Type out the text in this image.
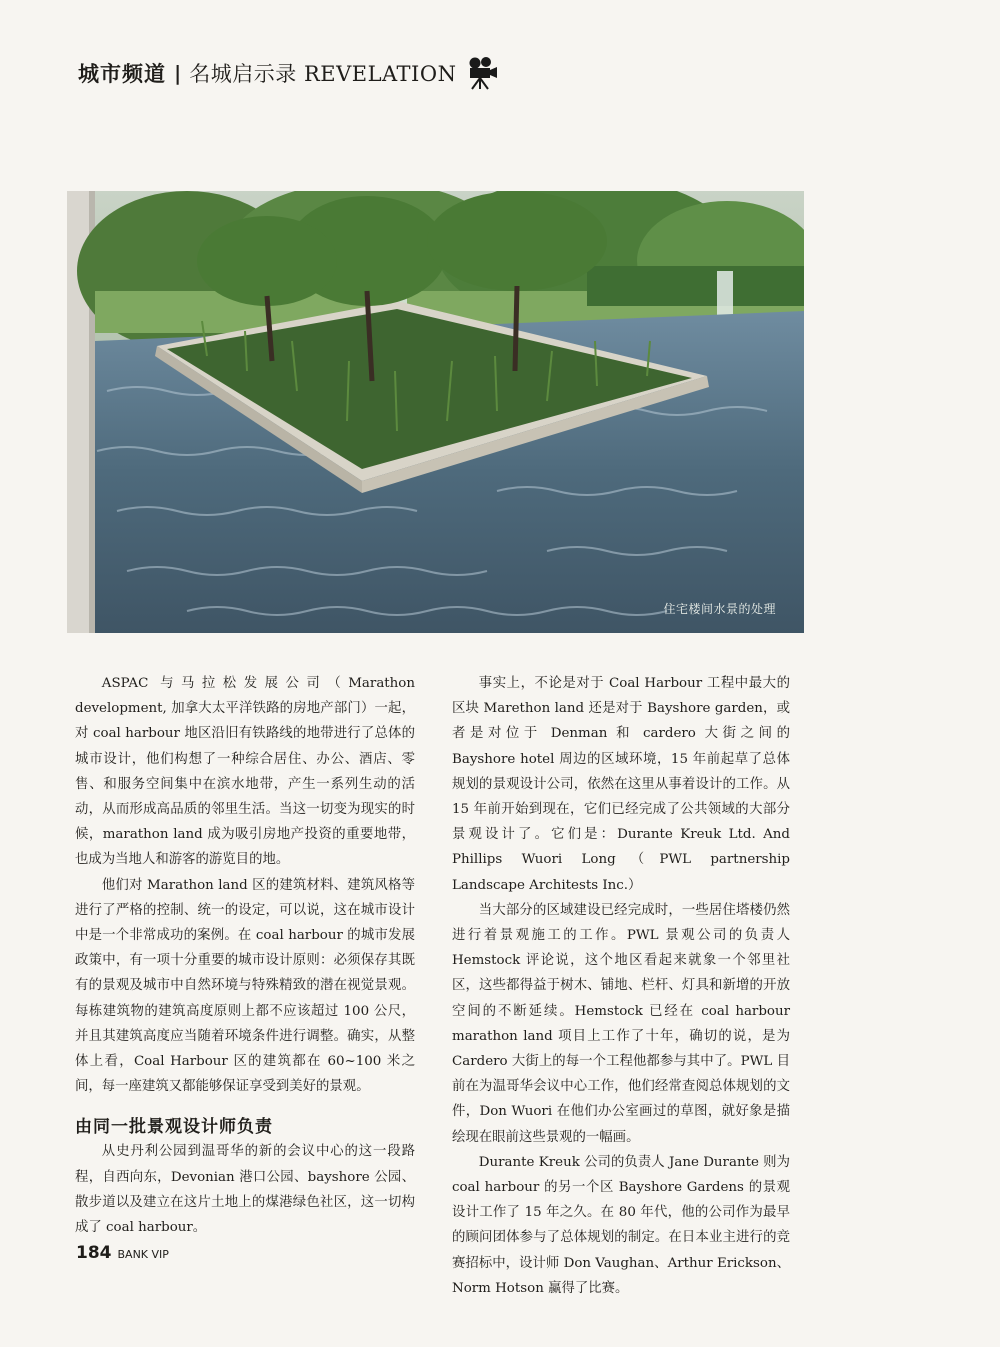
城市频道 | 名城启示录 REVELATION
住宅楼间水景的处理

ASPAC 与马拉松发展公司（Marathon development, 加拿大太平洋铁路的房地产部门）一起，对 coal harbour 地区沿旧有铁路线的地带进行了总体的城市设计，他们构想了一种综合居住、办公、酒店、零售、和服务空间集中在滨水地带，产生一系列生动的活动，从而形成高品质的邻里生活。当这一切变为现实的时候，marathon land 成为吸引房地产投资的重要地带，也成为当地人和游客的游览目的地。

他们对 Marathon land 区的建筑材料、建筑风格等进行了严格的控制、统一的设定，可以说，这在城市设计中是一个非常成功的案例。在 coal harbour 的城市发展政策中，有一项十分重要的城市设计原则：必须保存其既有的景观及城市中自然环境与特殊精致的潜在视觉景观。每栋建筑物的建筑高度原则上都不应该超过 100 公尺，并且其建筑高度应当随着环境条件进行调整。确实，从整体上看，Coal Harbour 区的建筑都在 60~100 米之间，每一座建筑又都能够保证享受到美好的景观。

由同一批景观设计师负责

从史丹利公园到温哥华的新的会议中心的这一段路程，自西向东，Devonian 港口公园、bayshore 公园、散步道以及建立在这片土地上的煤港绿色社区，这一切构成了 coal harbour。

事实上，不论是对于 Coal Harbour 工程中最大的区块 Marethon land 还是对于 Bayshore garden，或者是对位于 Denman 和 cardero 大街之间的 Bayshore hotel 周边的区域环境，15 年前起草了总体规划的景观设计公司，依然在这里从事着设计的工作。从 15 年前开始到现在，它们已经完成了公共领域的大部分景观设计了。它们是：Durante Kreuk Ltd. And Phillips Wuori Long（PWL partnership Landscape Architests Inc.）

当大部分的区域建设已经完成时，一些居住塔楼仍然进行着景观施工的工作。PWL 景观公司的负责人 Hemstock 评论说，这个地区看起来就象一个邻里社区，这些都得益于树木、铺地、栏杆、灯具和新增的开放空间的不断延续。Hemstock 已经在 coal harbour marathon land 项目上工作了十年，确切的说，是为 Cardero 大街上的每一个工程他都参与其中了。PWL 目前在为温哥华会议中心工作，他们经常查阅总体规划的文件，Don Wuori 在他们办公室画过的草图，就好象是描绘现在眼前这些景观的一幅画。

Durante Kreuk 公司的负责人 Jane Durante 则为 coal harbour 的另一个区 Bayshore Gardens 的景观设计工作了 15 年之久。在 80 年代，他的公司作为最早的顾问团体参与了总体规划的制定。在日本业主进行的竞赛招标中，设计师 Don Vaughan、Arthur Erickson、Norm Hotson 赢得了比赛。

184 BANK VIP
